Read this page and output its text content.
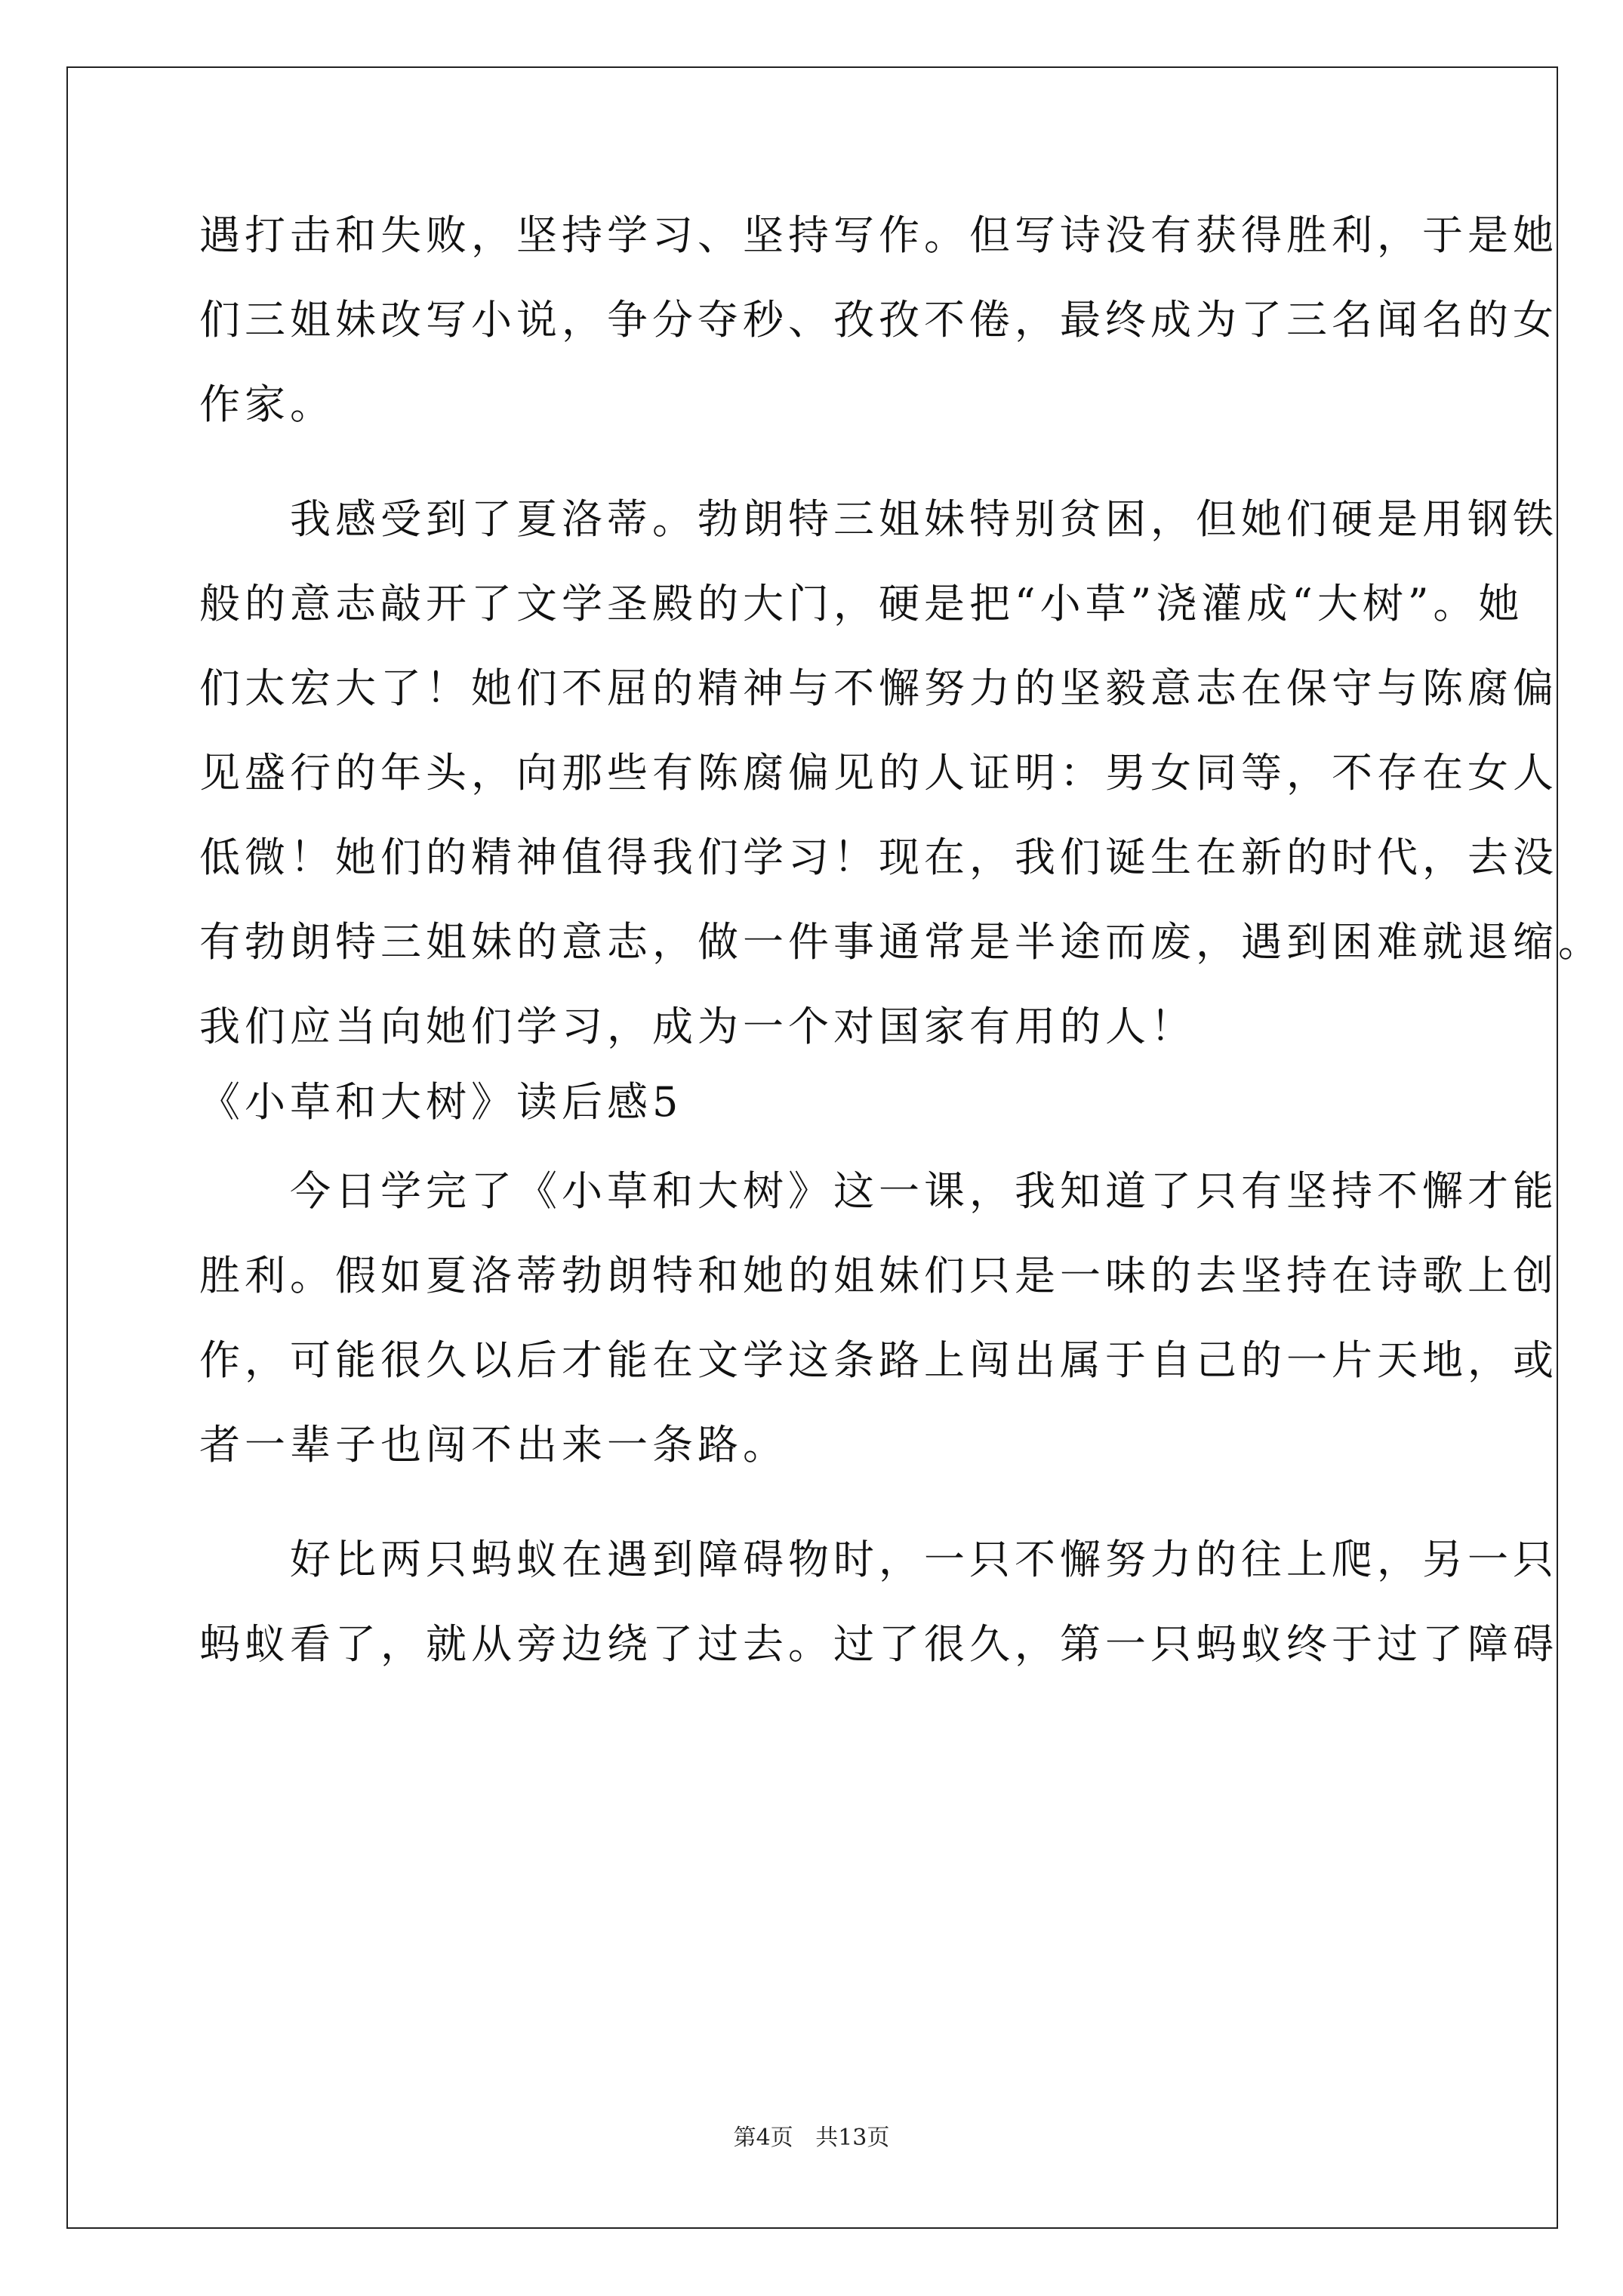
遇打击和失败，坚持学习、坚持写作。但写诗没有获得胜利，于是她
们三姐妹改写小说，争分夺秒、孜孜不倦，最终成为了三名闻名的女
作家。
　　我感受到了夏洛蒂。勃朗特三姐妹特别贫困，但她们硬是用钢铁
般的意志敲开了文学圣殿的大门，硬是把“小草”浇灌成“大树”。她
们太宏大了！她们不屈的精神与不懈努力的坚毅意志在保守与陈腐偏
见盛行的年头，向那些有陈腐偏见的人证明：男女同等，不存在女人
低微！她们的精神值得我们学习！现在，我们诞生在新的时代，去没
有勃朗特三姐妹的意志，做一件事通常是半途而废，遇到困难就退缩。
我们应当向她们学习，成为一个对国家有用的人！
《小草和大树》读后感5
　　今日学完了《小草和大树》这一课，我知道了只有坚持不懈才能
胜利。假如夏洛蒂勃朗特和她的姐妹们只是一味的去坚持在诗歌上创
作，可能很久以后才能在文学这条路上闯出属于自己的一片天地，或
者一辈子也闯不出来一条路。
　　好比两只蚂蚁在遇到障碍物时，一只不懈努力的往上爬，另一只
蚂蚁看了，就从旁边绕了过去。过了很久，第一只蚂蚁终于过了障碍
第4页 共13页
